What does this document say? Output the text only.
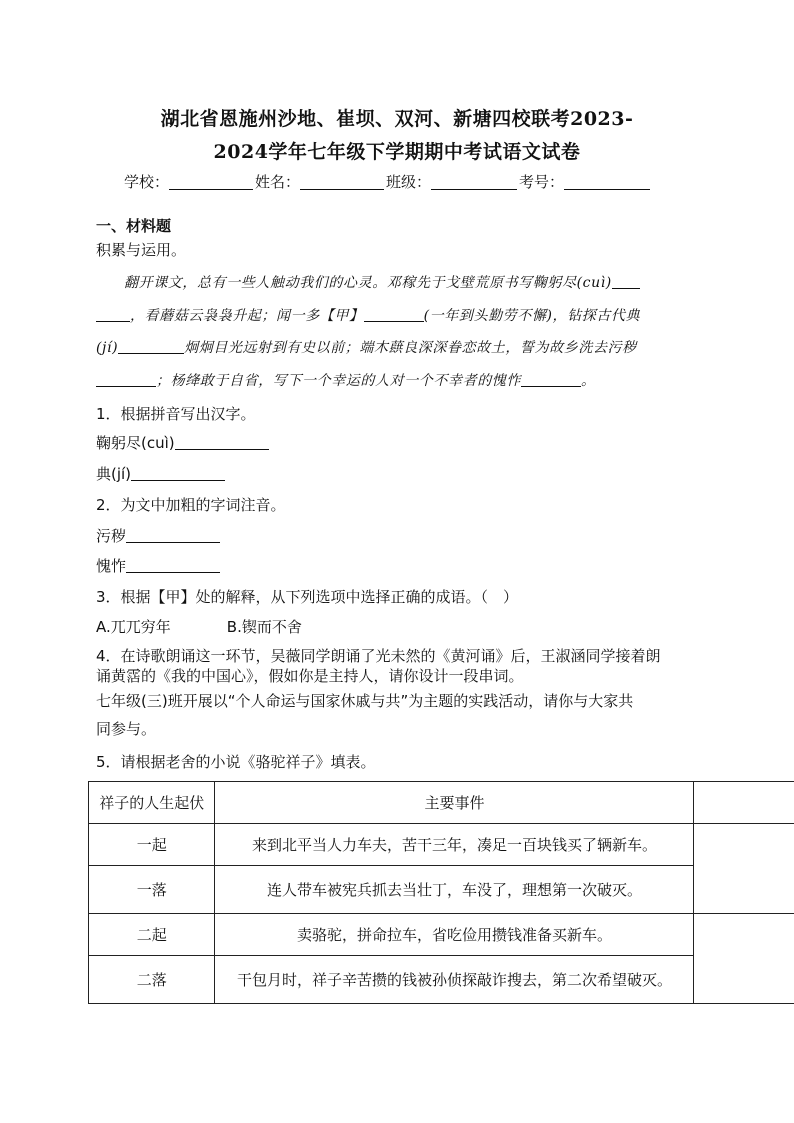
湖北省恩施州沙地、崔坝、双河、新塘四校联考2023-
2024学年七年级下学期期中考试语文试卷
学校：	姓名：	班级：	考号：
一、材料题
积累与运用。
翻开课文，总有一些人触动我们的心灵。邓稼先于戈壁荒原书写鞠躬尽(cuì)
，看蘑菇云袅袅升起；闻一多【甲】	(一年到头勤劳不懈)，钻探古代典
(jí)	炯炯目光远射到有史以前；端木蕻良深深眷恋故土，誓为故乡洗去污秽
；杨绛敢于自省，写下一个幸运的人对一个不幸者的愧怍	。
1．根据拼音写出汉字。
鞠躬尽(cuì)
典(jí)
2．为文中加粗的字词注音。
污秽
愧怍
3．根据【甲】处的解释，从下列选项中选择正确的成语。（　）
A.兀兀穷年	B.锲而不舍
4．在诗歌朗诵这一环节，吴薇同学朗诵了光未然的《黄河诵》后，王淑涵同学接着朗
诵黄霑的《我的中国心》，假如你是主持人，请你设计一段串词。
七年级(三)班开展以“个人命运与国家休戚与共”为主题的实践活动，请你与大家共
同参与。
5．请根据老舍的小说《骆驼祥子》填表。
祥子的人生起伏	主要事件	
一起	来到北平当人力车夫，苦干三年，凑足一百块钱买了辆新车。	
一落	连人带车被宪兵抓去当壮丁，车没了，理想第一次破灭。	
二起	卖骆驼，拼命拉车，省吃俭用攒钱准备买新车。	
二落	干包月时，祥子辛苦攒的钱被孙侦探敲诈搜去，第二次希望破灭。	
